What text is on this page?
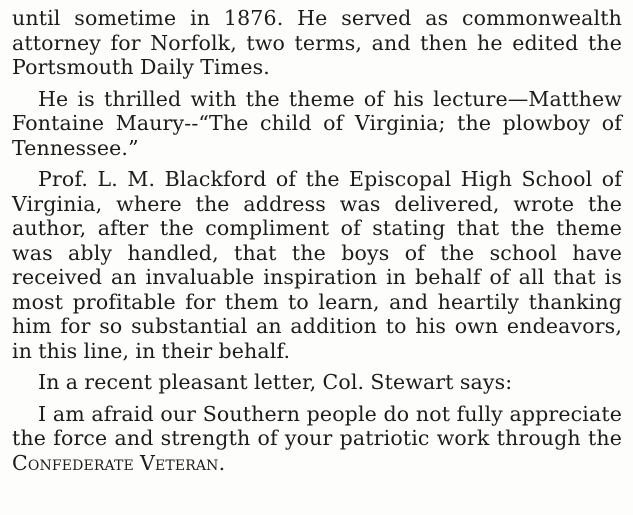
until sometime in 1876. He served as commonwealth attorney for Norfolk, two terms, and then he edited the Portsmouth Daily Times.

He is thrilled with the theme of his lecture—Matthew Fontaine Maury--“The child of Virginia; the plowboy of Tennessee.”

Prof. L. M. Blackford of the Episcopal High School of Virginia, where the address was delivered, wrote the author, after the compliment of stating that the theme was ably handled, that the boys of the school have received an invaluable inspiration in behalf of all that is most profitable for them to learn, and heartily thanking him for so substantial an addition to his own endeavors, in this line, in their behalf.

In a recent pleasant letter, Col. Stewart says:

I am afraid our Southern people do not fully appreciate the force and strength of your patriotic work through the Confederate Veteran.
